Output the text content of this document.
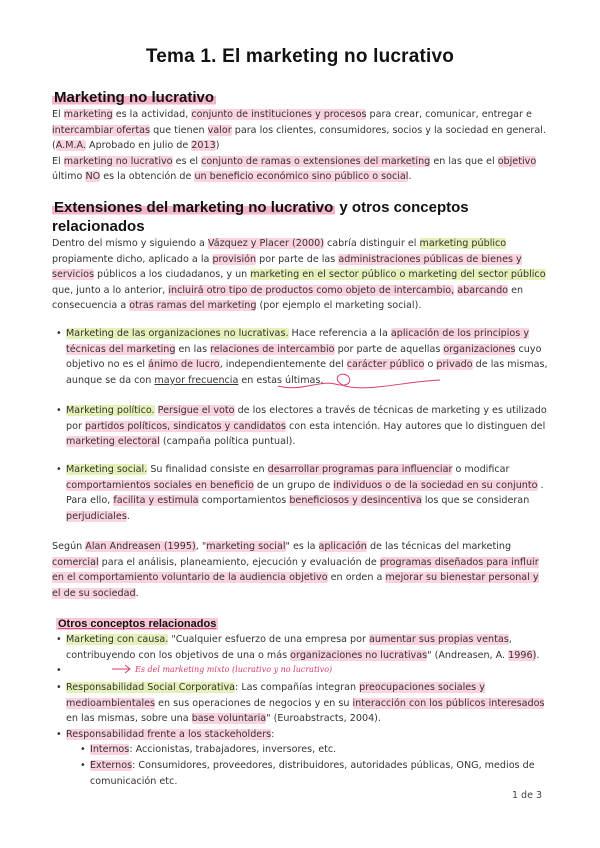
Tema 1. El marketing no lucrativo
Marketing no lucrativo

El marketing es la actividad, conjunto de instituciones y procesos para crear, comunicar, entregar e intercambiar ofertas que tienen valor para los clientes, consumidores, socios y la sociedad en general. (A.M.A. Aprobado en julio de 2013)
El marketing no lucrativo es el conjunto de ramas o extensiones del marketing en las que el objetivo último NO es la obtención de un beneficio económico sino público o social.

Extensiones del marketing no lucrativo y otros conceptos relacionados

Dentro del mismo y siguiendo a Vázquez y Placer (2000) cabría distinguir el marketing público propiamente dicho, aplicado a la provisión por parte de las administraciones públicas de bienes y servicios públicos a los ciudadanos, y un marketing en el sector público o marketing del sector público que, junto a lo anterior, incluirá otro tipo de productos como objeto de intercambio, abarcando en consecuencia a otras ramas del marketing (por ejemplo el marketing social).

• Marketing de las organizaciones no lucrativas. Hace referencia a la aplicación de los principios y técnicas del marketing en las relaciones de intercambio por parte de aquellas organizaciones cuyo objetivo no es el ánimo de lucro, independientemente del carácter público o privado de las mismas, aunque se da con mayor frecuencia en estas últimas.
• Marketing político. Persigue el voto de los electores a través de técnicas de marketing y es utilizado por partidos políticos, sindicatos y candidatos con esta intención. Hay autores que lo distinguen del marketing electoral (campaña política puntual).
• Marketing social. Su finalidad consiste en desarrollar programas para influenciar o modificar comportamientos sociales en beneficio de un grupo de individuos o de la sociedad en su conjunto . Para ello, facilita y estimula comportamientos beneficiosos y desincentiva los que se consideran perjudiciales.

Según Alan Andreasen (1995), "marketing social" es la aplicación de las técnicas del marketing comercial para el análisis, planeamiento, ejecución y evaluación de programas diseñados para influir en el comportamiento voluntario de la audiencia objetivo en orden a mejorar su bienestar personal y el de su sociedad.

Otros conceptos relacionados
• Marketing con causa. "Cualquier esfuerzo de una empresa por aumentar sus propias ventas, contribuyendo con los objetivos de una o más organizaciones no lucrativas" (Andreasen, A. 1996).
•
Es del marketing mixto (lucrativo y no lucrativo)
• Responsabilidad Social Corporativa: Las compañías integran preocupaciones sociales y medioambientales en sus operaciones de negocios y en su interacción con los públicos interesados en las mismas, sobre una base voluntaria" (Euroabstracts, 2004).
• Responsabilidad frente a los stackeholders:
• Internos: Accionistas, trabajadores, inversores, etc.
• Externos: Consumidores, proveedores, distribuidores, autoridades públicas, ONG, medios de comunicación etc.
1 de 3
